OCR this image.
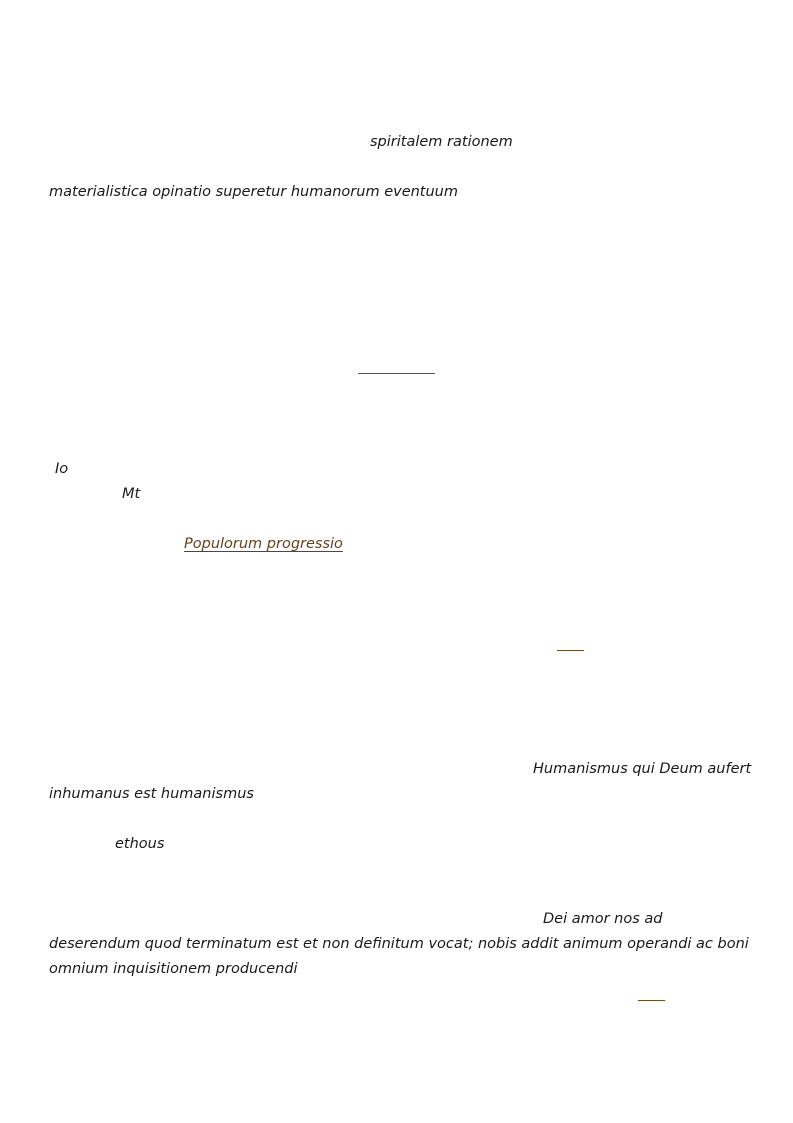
spiritalem rationem
materialistica opinatio superetur humanorum eventuum
Io
Mt
Populorum progressio
Humanismus qui Deum aufert
inhumanus est humanismus
ethous
Dei amor nos ad
deserendum quod terminatum est et non definitum vocat; nobis addit animum operandi ac boni
omnium inquisitionem producendi
